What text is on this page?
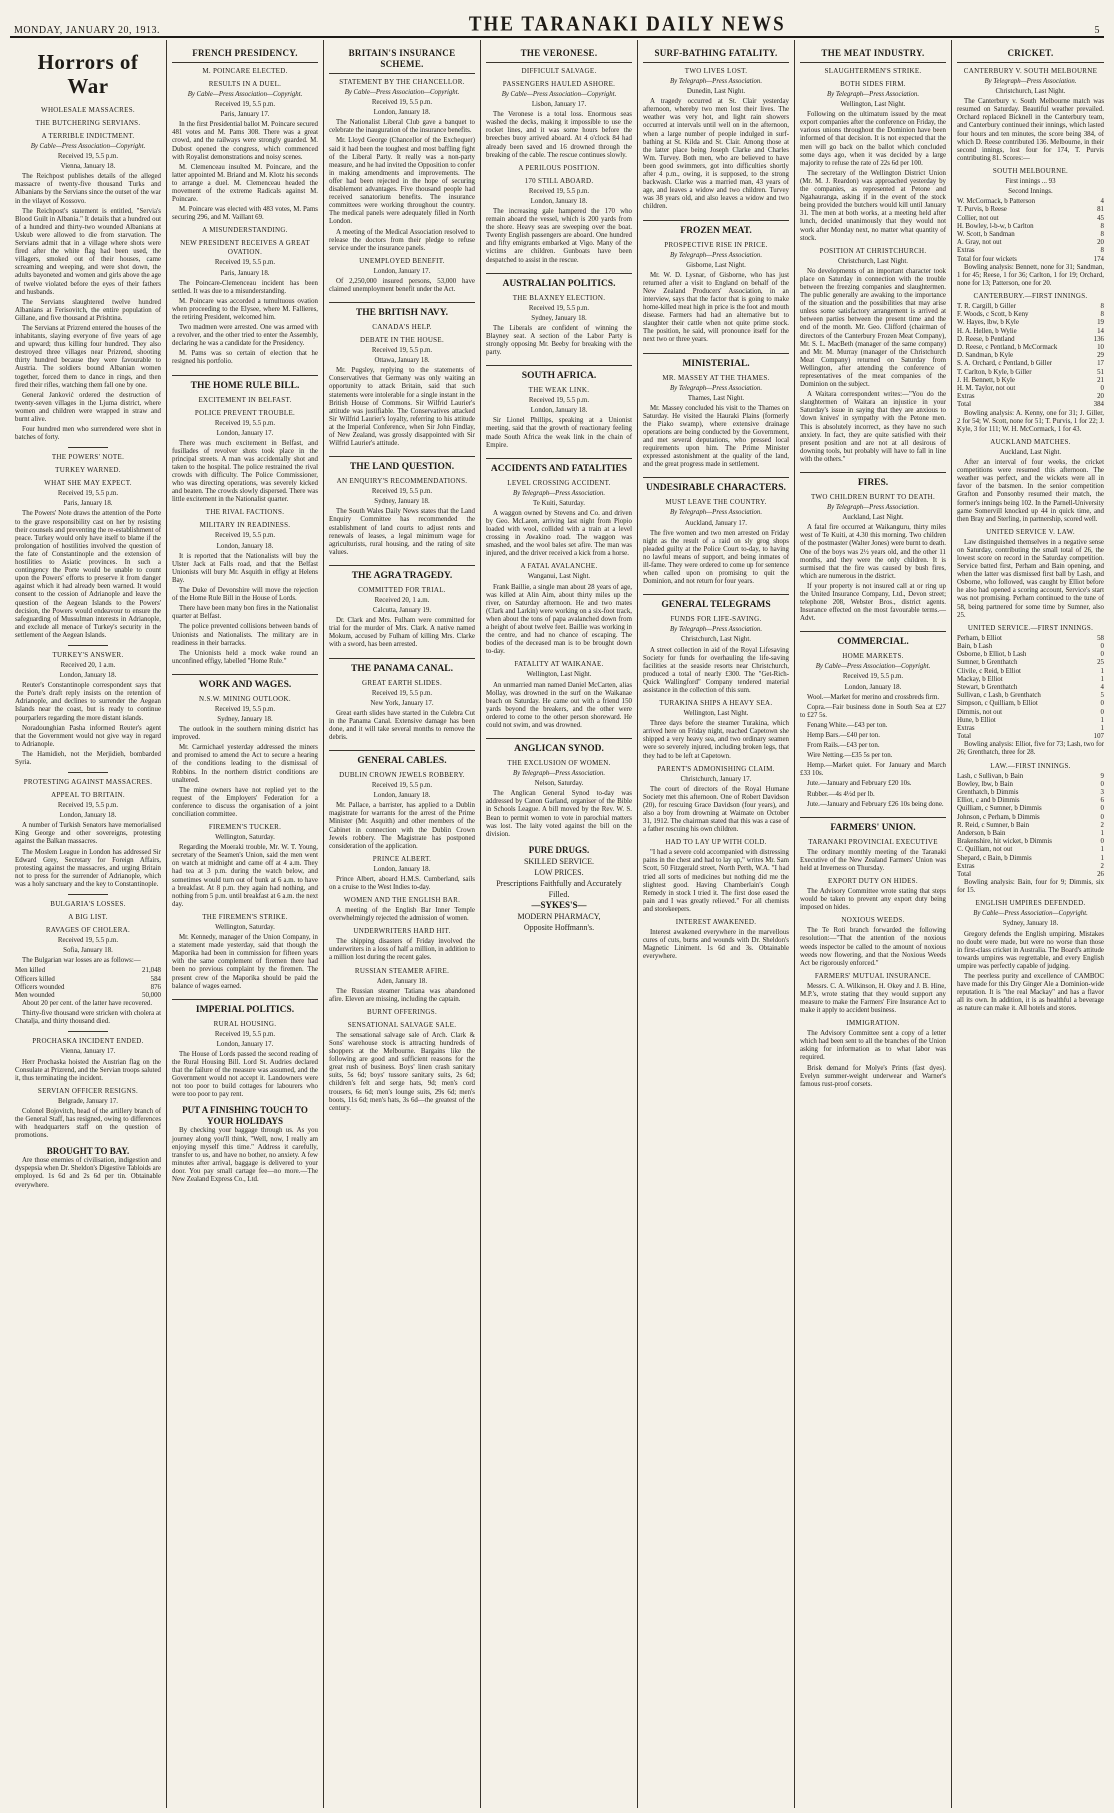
MONDAY, JANUARY 20, 1913.	THE TARANAKI DAILY NEWS	5
Horrors of War
WHOLESALE MASSACRES.
THE BUTCHERING SERVIANS.
A TERRIBLE INDICTMENT.
By Cable—Press Association—Copyright.
Received 19, 5.5 p.m.
Vienna, January 18.

The Reichpost publishes details of the alleged massacre of twenty-five thousand Turks and Albanians by the Servians since the outset of the war in the vilayet of Kossovo.

The Reichpost's statement is entitled, "Servia's Blood Guilt in Albania." It details that a hundred out of a hundred and thirty-two wounded Albanians at Uskub were allowed to die from starvation. The Servians admit that in a village where shots were fired after the white flag had been used, the villagers, smoked out of their houses, came screaming and weeping, and were shot down, the adults bayoneted and women and girls above the age of twelve violated before the eyes of their fathers and husbands.

The Servians slaughtered twelve hundred Albanians at Ferisovitch, the entire population of Gillane, and five thousand at Prishtina.

The Servians at Prizrend entered the houses of the inhabitants, slaying everyone of five years of age and upward; thus killing four hundred. They also destroyed three villages near Prizrend, shooting thirty hundred because they were favourable to Austria. The soldiers bound Albanian women together, forced them to dance in rings, and then fired their rifles, watching them fall one by one.

General Janković ordered the destruction of twenty-seven villages in the Ljuma district, where women and children were wrapped in straw and burnt alive.

Four hundred men who surrendered were shot in batches of forty.

THE POWERS' NOTE.
TURKEY WARNED.
WHAT SHE MAY EXPECT.
Received 19, 5.5 p.m.
Paris, January 18.

The Powers' Note draws the attention of the Porte to the grave responsibility cast on her by resisting their counsels and preventing the re-establishment of peace. Turkey would only have itself to blame if the prolongation of hostilities involved the question of the fate of Constantinople and the extension of hostilities to Asiatic provinces. In such a contingency the Porte would be unable to count upon the Powers' efforts to preserve it from danger against which it had already been warned. It would consent to the cession of Adrianople and leave the question of the Aegean Islands to the Powers' decision, the Powers would endeavour to ensure the safeguarding of Mussulman interests in Adrianople, and exclude all menace of Turkey's security in the settlement of the Aegean Islands.

TURKEY'S ANSWER.
Received 20, 1 a.m.
London, January 18.

Reuter's Constantinople correspondent says that the Porte's draft reply insists on the retention of Adrianople, and declines to surrender the Aegean Islands near the coast, but is ready to continue pourparlers regarding the more distant islands.

Noradounghian Pasha informed Reuter's agent that the Government would not give way in regard to Adrianople.

The Hamidieh, not the Merjidieh, bombarded Syria.

PROTESTING AGAINST MASSACRES.
APPEAL TO BRITAIN.
Received 19, 5.5 p.m.
London, January 18.

A number of Turkish Senators have memorialised King George and other sovereigns, protesting against the Balkan massacres.

The Moslem League in London has addressed Sir Edward Grey, Secretary for Foreign Affairs, protesting against the massacres, and urging Britain not to press for the surrender of Adrianople, which was a holy sanctuary and the key to Constantinople.

BULGARIA'S LOSSES.
A BIG LIST.
RAVAGES OF CHOLERA.
Received 19, 5.5 p.m.
Sofia, January 18.

The Bulgarian war losses are as follows:—

Men killed	21,048
Officers killed	584
Officers wounded	876
Men wounded	50,000

About 20 per cent. of the latter have recovered.

Thirty-five thousand were stricken with cholera at Chatalja, and thirty thousand died.

PROCHASKA INCIDENT ENDED.
Vienna, January 17.

Herr Prochaska hoisted the Austrian flag on the Consulate at Prizrend, and the Servian troops saluted it, thus terminating the incident.

SERVIAN OFFICER RESIGNS.
Belgrade, January 17.

Colonel Bojovitch, head of the artillery branch of the General Staff, has resigned, owing to differences with headquarters staff on the question of promotions.

BROUGHT TO BAY.

Are those enemies of civilisation, indigestion and dyspepsia when Dr. Sheldon's Digestive Tabloids are employed. 1s 6d and 2s 6d per tin. Obtainable everywhere.

FRENCH PRESIDENCY.
M. POINCARE ELECTED.
RESULTS IN A DUEL.
By Cable—Press Association—Copyright.
Received 19, 5.5 p.m.
Paris, January 17.

In the first Presidential ballot M. Poincare secured 481 votes and M. Pams 308. There was a great crowd, and the railways were strongly guarded. M. Dubost opened the congress, which commenced with Royalist demonstrations and noisy scenes.

M. Clemenceau insulted M. Poincare, and the latter appointed M. Briand and M. Klotz his seconds to arrange a duel. M. Clemenceau headed the movement of the extreme Radicals against M. Poincare.

M. Poincare was elected with 483 votes, M. Pams securing 296, and M. Vaillant 69.

A MISUNDERSTANDING.
NEW PRESIDENT RECEIVES A GREAT OVATION.
Received 19, 5.5 p.m.
Paris, January 18.

The Poincare-Clemenceau incident has been settled. It was due to a misunderstanding.

M. Poincare was accorded a tumultuous ovation when proceeding to the Elysee, where M. Fallieres, the retiring President, welcomed him.

Two madmen were arrested. One was armed with a revolver, and the other tried to enter the Assembly, declaring he was a candidate for the Presidency.

M. Pams was so certain of election that he resigned his portfolio.

THE HOME RULE BILL.
EXCITEMENT IN BELFAST.
POLICE PREVENT TROUBLE.
Received 19, 5.5 p.m.
London, January 17.

There was much excitement in Belfast, and fusillades of revolver shots took place in the principal streets. A man was accidentally shot and taken to the hospital. The police restrained the rival crowds with difficulty. The Police Commissioner, who was directing operations, was severely kicked and beaten. The crowds slowly dispersed. There was little excitement in the Nationalist quarter.

THE RIVAL FACTIONS.
MILITARY IN READINESS.
Received 19, 5.5 p.m.
London, January 18.

It is reported that the Nationalists will buy the Ulster Jack at Falls road, and that the Belfast Unionists will bury Mr. Asquith in effigy at Helens Bay.

The Duke of Devonshire will move the rejection of the Home Rule Bill in the House of Lords.

There have been many bon fires in the Nationalist quarter at Belfast.

The police prevented collisions between bands of Unionists and Nationalists. The military are in readiness in their barracks.

The Unionists held a mock wake round an unconfined effigy, labelled "Home Rule."

WORK AND WAGES.
N.S.W. MINING OUTLOOK.
Received 19, 5.5 p.m.
Sydney, January 18.

The outlook in the southern mining district has improved.

Mr. Carmichael yesterday addressed the miners and promised to amend the Act to secure a hearing of the conditions leading to the dismissal of Robbins. In the northern district conditions are unaltered.

The mine owners have not replied yet to the request of the Employers' Federation for a conference to discuss the organisation of a joint conciliation committee.

FIREMEN'S TUCKER.
Wellington, Saturday.

Regarding the Moeraki trouble, Mr. W. T. Young, secretary of the Seamen's Union, said the men went on watch at midnight and came off at 4 a.m. They had tea at 3 p.m. during the watch below, and sometimes would turn out of bunk at 6 a.m. to have a breakfast. At 8 p.m. they again had nothing, and nothing from 5 p.m. until breakfast at 6 a.m. the next day.

THE FIREMEN'S STRIKE.
Wellington, Saturday.

Mr. Kennedy, manager of the Union Company, in a statement made yesterday, said that though the Maporika had been in commission for fifteen years with the same complement of firemen there had been no previous complaint by the firemen. The present crew of the Maporika should be paid the balance of wages earned.

IMPERIAL POLITICS.
RURAL HOUSING.
Received 19, 5.5 p.m.
London, January 17.

The House of Lords passed the second reading of the Rural Housing Bill. Lord St. Audries declared that the failure of the measure was assumed, and the Government would not accept it. Landowners were not too poor to build cottages for labourers who were too poor to pay rent.

PUT A FINISHING TOUCH TO YOUR HOLIDAYS

By checking your baggage through us. As you journey along you'll think, "Well, now, I really am enjoying myself this time." Address it carefully, transfer to us, and have no bother, no anxiety. A few minutes after arrival, baggage is delivered to your door. You pay small cartage fee—no more.—The New Zealand Express Co., Ltd.

BRITAIN'S INSURANCE SCHEME.
STATEMENT BY THE CHANCELLOR.
By Cable—Press Association—Copyright.
Received 19, 5.5 p.m.
London, January 18.

The Nationalist Liberal Club gave a banquet to celebrate the inauguration of the insurance benefits.

Mr. Lloyd George (Chancellor of the Exchequer) said it had been the toughest and most baffling fight of the Liberal Party. It really was a non-party measure, and he had invited the Opposition to confer in making amendments and improvements. The offer had been rejected in the hope of securing disablement advantages. Five thousand people had received sanatorium benefits. The insurance committees were working throughout the country. The medical panels were adequately filled in North London.

A meeting of the Medical Association resolved to release the doctors from their pledge to refuse service under the insurance panels.

UNEMPLOYED BENEFIT.
London, January 17.

Of 2,250,000 insured persons, 53,000 have claimed unemployment benefit under the Act.

THE BRITISH NAVY.
CANADA'S HELP.
DEBATE IN THE HOUSE.
Received 19, 5.5 p.m.
Ottawa, January 18.

Mr. Pugsley, replying to the statements of Conservatives that Germany was only waiting an opportunity to attack Britain, said that such statements were intolerable for a single instant in the British House of Commons. Sir Wilfrid Laurier's attitude was justifiable. The Conservatives attacked Sir Wilfrid Laurier's loyalty, referring to his attitude at the Imperial Conference, when Sir John Findlay, of New Zealand, was grossly disappointed with Sir Wilfrid Laurier's attitude.

THE LAND QUESTION.
AN ENQUIRY'S RECOMMENDATIONS.
Received 19, 5.5 p.m.
Sydney, January 18.

The South Wales Daily News states that the Land Enquiry Committee has recommended the establishment of land courts to adjust rents and renewals of leases, a legal minimum wage for agriculturists, rural housing, and the rating of site values.

THE AGRA TRAGEDY.
COMMITTED FOR TRIAL.
Received 20, 1 a.m.
Calcutta, January 19.

Dr. Clark and Mrs. Fulham were committed for trial for the murder of Mrs. Clark. A native named Mokum, accused by Fulham of killing Mrs. Clarke with a sword, has been arrested.

THE PANAMA CANAL.
GREAT EARTH SLIDES.
Received 19, 5.5 p.m.
New York, January 17.

Great earth slides have started in the Culebra Cut in the Panama Canal. Extensive damage has been done, and it will take several months to remove the debris.

GENERAL CABLES.
DUBLIN CROWN JEWELS ROBBERY.
Received 19, 5.5 p.m.
London, January 18.

Mr. Pallace, a barrister, has applied to a Dublin magistrate for warrants for the arrest of the Prime Minister (Mr. Asquith) and other members of the Cabinet in connection with the Dublin Crown Jewels robbery. The Magistrate has postponed consideration of the application.

PRINCE ALBERT.
London, January 18.

Prince Albert, aboard H.M.S. Cumberland, sails on a cruise to the West Indies to-day.

WOMEN AND THE ENGLISH BAR.

A meeting of the English Bar Inner Temple overwhelmingly rejected the admission of women.

UNDERWRITERS HARD HIT.

The shipping disasters of Friday involved the underwriters in a loss of half a million, in addition to a million lost during the recent gales.

RUSSIAN STEAMER AFIRE.
Aden, January 18.

The Russian steamer Tatiana was abandoned afire. Eleven are missing, including the captain.

BURNT OFFERINGS.
SENSATIONAL SALVAGE SALE.

The sensational salvage sale of Arch. Clark & Sons' warehouse stock is attracting hundreds of shoppers at the Melbourne. Bargains like the following are good and sufficient reasons for the great rush of business. Boys' linen crash sanitary suits, 5s 6d; boys' tussore sanitary suits, 2s 6d; children's felt and serge hats, 9d; men's cord trousers, 6s 6d; men's lounge suits, 29s 6d; men's boots, 11s 6d; men's hats, 3s 6d—the greatest of the century.

THE VERONESE.
DIFFICULT SALVAGE.
PASSENGERS HAULED ASHORE.
By Cable—Press Association—Copyright.
Lisbon, January 17.

The Veronese is a total loss. Enormous seas washed the decks, making it impossible to use the rocket lines, and it was some hours before the breeches buoy arrived aboard. At 4 o'clock 84 had already been saved and 16 drowned through the breaking of the cable. The rescue continues slowly.

A PERILOUS POSITION.
170 STILL ABOARD.
Received 19, 5.5 p.m.
London, January 18.

The increasing gale hampered the 170 who remain aboard the vessel, which is 200 yards from the shore. Heavy seas are sweeping over the boat. Twenty English passengers are aboard. One hundred and fifty emigrants embarked at Vigo. Many of the victims are children. Gunboats have been despatched to assist in the rescue.

AUSTRALIAN POLITICS.
THE BLAXNEY ELECTION.
Received 19, 5.5 p.m.
Sydney, January 18.

The Liberals are confident of winning the Blayney seat. A section of the Labor Party is strongly opposing Mr. Beeby for breaking with the party.

SOUTH AFRICA.
THE WEAK LINK.
Received 19, 5.5 p.m.
London, January 18.

Sir Lionel Phillips, speaking at a Unionist meeting, said that the growth of reactionary feeling made South Africa the weak link in the chain of Empire.

ACCIDENTS AND FATALITIES
LEVEL CROSSING ACCIDENT.
By Telegraph—Press Association.
Te Kuiti, Saturday.

A waggon owned by Stevens and Co. and driven by Geo. McLaren, arriving last night from Piopio loaded with wool, collided with a train at a level crossing in Awakino road. The waggon was smashed, and the wool bales set afire. The man was injured, and the driver received a kick from a horse.

A FATAL AVALANCHE.
Wanganui, Last Night.

Frank Baillie, a single man about 28 years of age, was killed at Alin Aim, about thirty miles up the river, on Saturday afternoon. He and two mates (Clark and Larkin) were working on a six-foot track, when about the tons of papa avalanched down from a height of about twelve feet. Baillie was working in the centre, and had no chance of escaping. The bodies of the deceased man is to be brought down to-day.

FATALITY AT WAIKANAE.
Wellington, Last Night.

An unmarried man named Daniel McCarten, alias Mollay, was drowned in the surf on the Waikanae beach on Saturday. He came out with a friend 150 yards beyond the breakers, and the other were ordered to come to the other person shoreward. He could not swim, and was drowned.

ANGLICAN SYNOD.
THE EXCLUSION OF WOMEN.
By Telegraph—Press Association.
Nelson, Saturday.

The Anglican General Synod to-day was addressed by Canon Garland, organiser of the Bible in Schools League. A bill moved by the Rev. W. S. Bean to permit women to vote in parochial matters was lost. The laity voted against the bill on the division.

PURE DRUGS.
SKILLED SERVICE.
LOW PRICES.
Prescriptions Faithfully and Accurately Filled.
—SYKES'S—
MODERN PHARMACY,
Opposite Hoffmann's.
SURF-BATHING FATALITY.
TWO LIVES LOST.
By Telegraph—Press Association.
Dunedin, Last Night.

A tragedy occurred at St. Clair yesterday afternoon, whereby two men lost their lives. The weather was very hot, and light rain showers occurred at intervals until well on in the afternoon, when a large number of people indulged in surf-bathing at St. Kilda and St. Clair. Among those at the latter place being Joseph Clarke and Charles Wm. Turvey. Both men, who are believed to have been good swimmers, got into difficulties shortly after 4 p.m., owing, it is supposed, to the strong backwash. Clarke was a married man, 43 years of age, and leaves a widow and two children. Turvey was 38 years old, and also leaves a widow and two children.

FROZEN MEAT.
PROSPECTIVE RISE IN PRICE.
By Telegraph—Press Association.
Gisborne, Last Night.

Mr. W. D. Lysnar, of Gisborne, who has just returned after a visit to England on behalf of the New Zealand Producers' Association, in an interview, says that the factor that is going to make home-killed meat high in price is the foot and mouth disease. Farmers had had an alternative but to slaughter their cattle when not quite prime stock. The position, he said, will pronounce itself for the next two or three years.

MINISTERIAL.
MR. MASSEY AT THE THAMES.
By Telegraph—Press Association.
Thames, Last Night.

Mr. Massey concluded his visit to the Thames on Saturday. He visited the Hauraki Plains (formerly the Piako swamp), where extensive drainage operations are being conducted by the Government, and met several deputations, who pressed local requirements upon him. The Prime Minister expressed astonishment at the quality of the land, and the great progress made in settlement.

UNDESIRABLE CHARACTERS.
MUST LEAVE THE COUNTRY.
By Telegraph—Press Association.
Auckland, January 17.

The five women and two men arrested on Friday night as the result of a raid on sly grog shops pleaded guilty at the Police Court to-day, to having no lawful means of support, and being inmates of ill-fame. They were ordered to come up for sentence when called upon on promising to quit the Dominion, and not return for four years.

GENERAL TELEGRAMS
FUNDS FOR LIFE-SAVING.
By Telegraph—Press Association.
Christchurch, Last Night.

A street collection in aid of the Royal Lifesaving Society for funds for overhauling the life-saving facilities at the seaside resorts near Christchurch, produced a total of nearly £300. The "Get-Rich-Quick Wallingford" Company tendered material assistance in the collection of this sum.

TURAKINA SHIPS A HEAVY SEA.
Wellington, Last Night.

Three days before the steamer Turakina, which arrived here on Friday night, reached Capetown she shipped a very heavy sea, and two ordinary seamen were so severely injured, including broken legs, that they had to be left at Capetown.

PARENT'S ADMONISHING CLAIM.
Christchurch, January 17.

The court of directors of the Royal Humane Society met this afternoon. One of Robert Davidson (20), for rescuing Grace Davidson (four years), and also a boy from drowning at Waimate on October 31, 1912. The chairman stated that this was a case of a father rescuing his own children.

HAD TO LAY UP WITH COLD.

"I had a severe cold accompanied with distressing pains in the chest and had to lay up," writes Mr. Sam Scott, 50 Fitzgerald street, North Perth, W.A. "I had tried all sorts of medicines but nothing did me the slightest good. Having Chamberlain's Cough Remedy in stock I tried it. The first dose eased the pain and I was greatly relieved." For all chemists and storekeepers.

INTEREST AWAKENED.

Interest awakened everywhere in the marvellous cures of cuts, burns and wounds with Dr. Sheldon's Magnetic Liniment. 1s 6d and 3s. Obtainable everywhere.

THE MEAT INDUSTRY.
SLAUGHTERMEN'S STRIKE.
BOTH SIDES FIRM.
By Telegraph—Press Association.
Wellington, Last Night.

Following on the ultimatum issued by the meat export companies after the conference on Friday, the various unions throughout the Dominion have been informed of that decision. It is not expected that the men will go back on the ballot which concluded some days ago, when it was decided by a large majority to refuse the rate of 22s 6d per 100.

The secretary of the Wellington District Union (Mr. M. J. Reardon) was approached yesterday by the companies, as represented at Petone and Ngahauranga, asking if in the event of the stock being provided the butchers would kill until January 31. The men at both works, at a meeting held after lunch, decided unanimously that they would not work after Monday next, no matter what quantity of stock.

POSITION AT CHRISTCHURCH.
Christchurch, Last Night.

No developments of an important character took place on Saturday in connection with the trouble between the freezing companies and slaughtermen. The public generally are awaking to the importance of the situation and the possibilities that may arise unless some satisfactory arrangement is arrived at between parties between the present time and the end of the month. Mr. Geo. Clifford (chairman of directors of the Canterbury Frozen Meat Company), Mr. S. L. MacBeth (manager of the same company) and Mr. M. Murray (manager of the Christchurch Meat Company) returned on Saturday from Wellington, after attending the conference of representatives of the meat companies of the Dominion on the subject.

A Waitara correspondent writes:—"You do the slaughtermen of Waitara an injustice in your Saturday's issue in saying that they are anxious to 'down knives' in sympathy with the Petone men. This is absolutely incorrect, as they have no such anxiety. In fact, they are quite satisfied with their present position and are not at all desirous of downing tools, but probably will have to fall in line with the others."

FIRES.
TWO CHILDREN BURNT TO DEATH.
By Telegraph—Press Association.
Auckland, Last Night.

A fatal fire occurred at Waikanguru, thirty miles west of Te Kuiti, at 4.30 this morning. Two children of the postmaster (Walter Jones) were burnt to death. One of the boys was 2½ years old, and the other 11 months, and they were the only children. It is surmised that the fire was caused by bush fires, which are numerous in the district.

If your property is not insured call at or ring up the United Insurance Company, Ltd., Devon street; telephone 208, Webster Bros., district agents. Insurance effected on the most favourable terms.—Advt.

COMMERCIAL.
HOME MARKETS.
By Cable—Press Association—Copyright.
Received 19, 5.5 p.m.
London, January 18.

Wool.—Market for merino and crossbreds firm.

Copra.—Fair business done in South Sea at £27 to £27 5s.

Fenang White.—£43 per ton.

Hemp Bars.—£40 per ton.

From Rails.—£43 per ton.

Wire Netting.—£35 5s per ton.

Hemp.—Market quiet. For January and March £33 10s.

Jute.—January and February £20 10s.

Rubber.—4s 4½d per lb.

Jute.—January and February £26 10s being done.

FARMERS' UNION.
TARANAKI PROVINCIAL EXECUTIVE

The ordinary monthly meeting of the Taranaki Executive of the New Zealand Farmers' Union was held at Inverness on Thursday.

EXPORT DUTY ON HIDES.

The Advisory Committee wrote stating that steps would be taken to prevent any export duty being imposed on hides.

NOXIOUS WEEDS.

The Te Roti branch forwarded the following resolution:—"That the attention of the noxious weeds inspector be called to the amount of noxious weeds now flowering, and that the Noxious Weeds Act be rigorously enforced."

FARMERS' MUTUAL INSURANCE.

Messrs. C. A. Wilkinson, H. Okey and J. B. Hine, M.P.'s, wrote stating that they would support any measure to make the Farmers' Fire Insurance Act to make it apply to accident business.

IMMIGRATION.

The Advisory Committee sent a copy of a letter which had been sent to all the branches of the Union asking for information as to what labor was required.

Brisk demand for Molye's Prints (fast dyes). Evelyn summer-weight underwear and Warner's famous rust-proof corsets.

CRICKET.
CANTERBURY V. SOUTH MELBOURNE
By Telegraph—Press Association.
Christchurch, Last Night.

The Canterbury v. South Melbourne match was resumed on Saturday. Beautiful weather prevailed. Orchard replaced Bicknell in the Canterbury team, and Canterbury continued their innings, which lasted four hours and ten minutes, the score being 384, of which D. Reese contributed 136. Melbourne, in their second innings, lost four for 174, T. Purvis contributing 81. Scores:—

SOUTH MELBOURNE.
First innings ... 93
Second Innings.
W. McCormack, b Patterson	4
T. Purvis, b Reese	81
Collier, not out	45
H. Bowley, l-b-w, b Carlton	8
W. Scott, b Sandman	8
A. Gray, not out	20
Extras	8
Total for four wickets	174

Bowling analysis: Bennett, none for 31; Sandman, 1 for 45; Reese, 1 for 36; Carlton, 1 for 19; Orchard, none for 13; Patterson, one for 20.

CANTERBURY.—FIRST INNINGS.
T. R. Cargill, b Giller	8
F. Woods, c Scott, b Keny	8
W. Hayes, lbw, b Kyle	19
H. A. Hellen, b Wylie	14
D. Reese, b Pentland	136
D. Reese, c Pentland, b McCormack	10
D. Sandman, b Kyle	29
S. A. Orchard, c Pentland, b Giller	17
T. Carlton, b Kyle, b Giller	51
J. H. Bennett, b Kyle	21
H. M. Taylor, not out	0
Extras	20
Total	384

Bowling analysis: A. Kenny, one for 31; J. Giller, 2 for 54; W. Scott, none for 51; T. Purvis, 1 for 22; J. Kyle, 3 for 111; W. H. McCormack, 1 for 43.

AUCKLAND MATCHES.
Auckland, Last Night.

After an interval of four weeks, the cricket competitions were resumed this afternoon. The weather was perfect, and the wickets were all in favor of the batsmen. In the senior competition Grafton and Ponsonby resumed their match, the former's innings being 102. In the Parnell-University game Somervill knocked up 44 in quick time, and then Bray and Sterling, in partnership, scored well.

UNITED SERVICE V. LAW.

Law distinguished themselves in a negative sense on Saturday, contributing the small total of 26, the lowest score on record in the Saturday competition. Service batted first, Perham and Bain opening, and when the latter was dismissed first ball by Lash, and Osborne, who followed, was caught by Elliot before he also had opened a scoring account, Service's start was not promising. Perham continued to the tune of 58, being partnered for some time by Sumner, also 25.

UNITED SERVICE.—FIRST INNINGS.
Perham, b Elliot	58
Bain, b Lash	0
Osborne, b Elliot, b Lash	0
Sumner, b Grenthatch	25
Clivile, c Reid, b Elliot	1
Mackay, b Elliot	1
Stewart, b Grenthatch	4
Sullivan, c Lash, b Grenthatch	5
Simpson, c Quilliam, b Elliot	0
Dimmis, not out	0
Hune, b Elliot	1
Extras	1
Total	107

Bowling analysis: Elliot, five for 73; Lash, two for 26; Grenthatch, three for 28.

LAW.—FIRST INNINGS.
Lash, c Sullivan, b Bain	9
Bowley, lbw, b Bain	0
Grenthatch, b Dimmis	3
Elliot, c and b Dimmis	6
Quilliam, c Sumner, b Dimmis	0
Johnson, c Perham, b Dimmis	0
R. Reid, c Sumner, b Bain	2
Anderson, b Bain	1
Brakenshire, hit wicket, b Dimmis	0
C. Quilliam, not out	1
Shepard, c Bain, b Dimmis	1
Extras	2
Total	26

Bowling analysis: Bain, four for 9; Dimmis, six for 15.

ENGLISH UMPIRES DEFENDED.
By Cable—Press Association—Copyright.
Sydney, January 18.

Gregory defends the English umpiring. Mistakes no doubt were made, but were no worse than those in first-class cricket in Australia. The Board's attitude towards umpires was regrettable, and every English umpire was perfectly capable of judging.

The peerless purity and excellence of CAMBOC have made for this Dry Ginger Ale a Dominion-wide reputation. It is "the real Mackay" and has a flavor all its own. In addition, it is as healthful a beverage as nature can make it. All hotels and stores.
